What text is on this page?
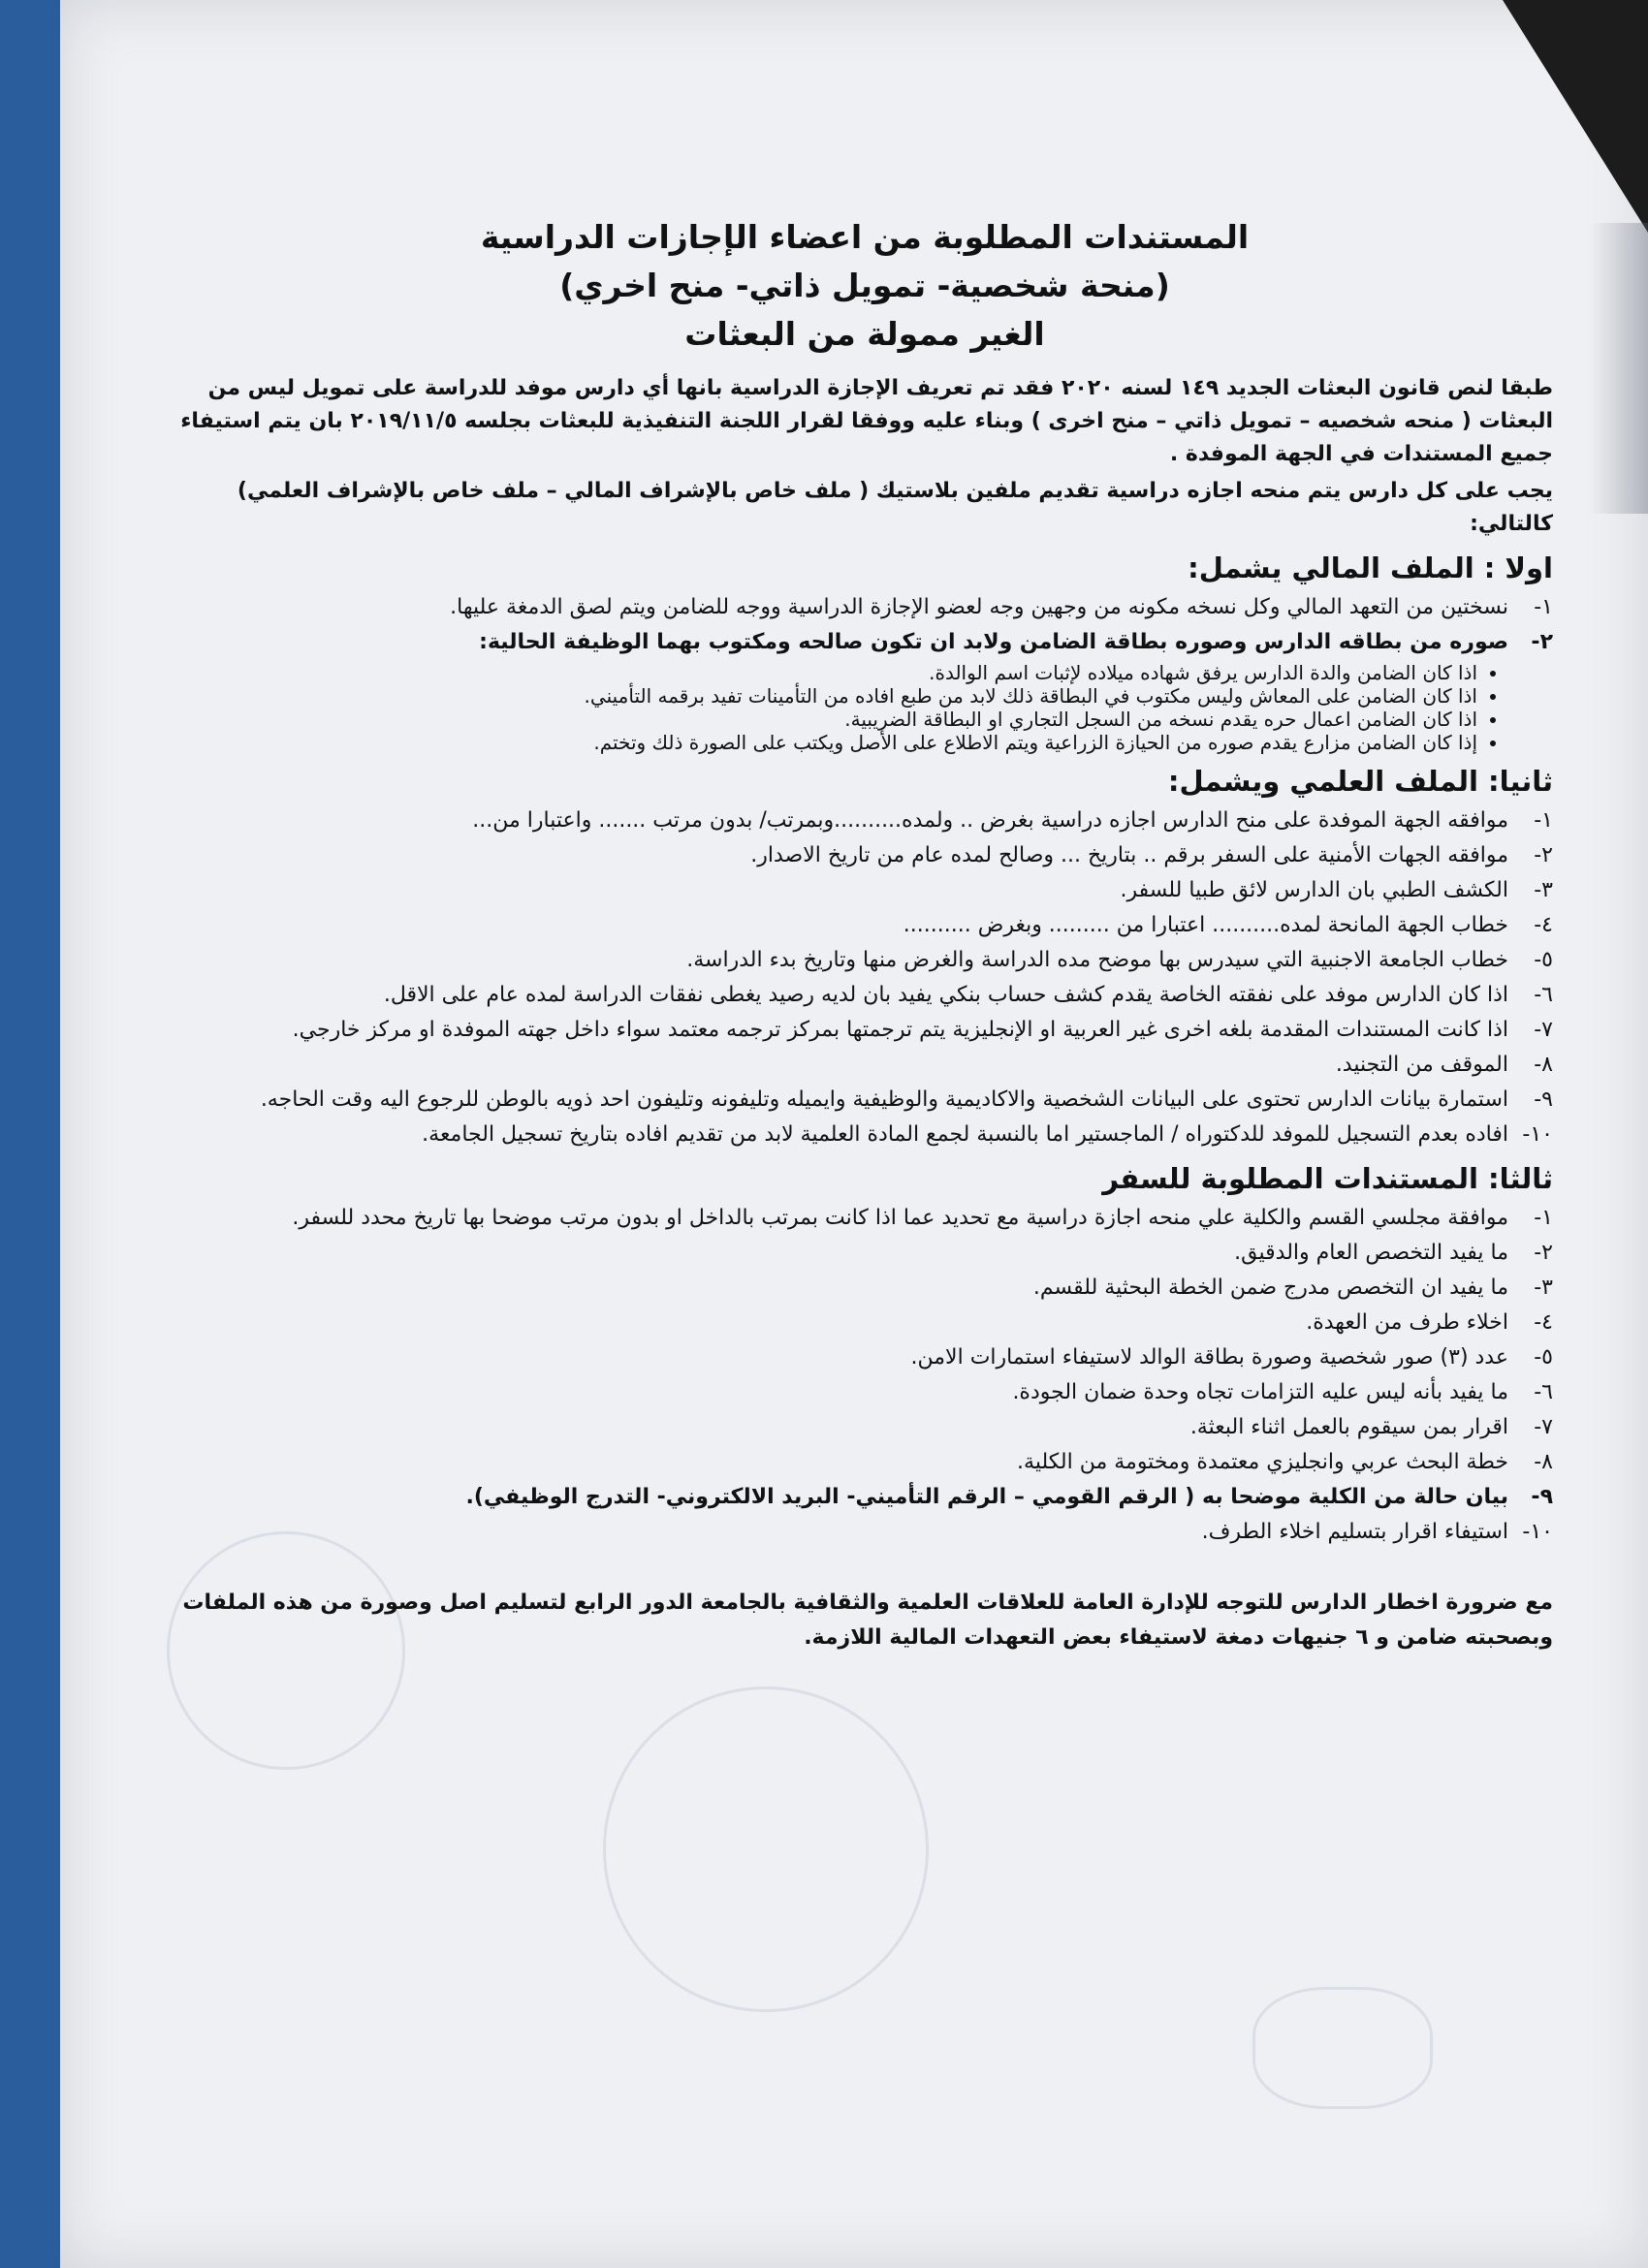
المستندات المطلوبة من اعضاء الإجازات الدراسية
(منحة شخصية- تمويل ذاتي- منح اخري)
الغير ممولة من البعثات

طبقا لنص قانون البعثات الجديد ١٤٩ لسنه ٢٠٢٠ فقد تم تعريف الإجازة الدراسية بانها أي دارس موفد للدراسة على تمويل ليس من البعثات ( منحه شخصيه – تمويل ذاتي – منح اخرى ) وبناء عليه ووفقا لقرار اللجنة التنفيذية للبعثات بجلسه ٢٠١٩/١١/٥ بان يتم استيفاء جميع المستندات في الجهة الموفدة .

يجب على كل دارس يتم منحه اجازه دراسية تقديم ملفين بلاستيك ( ملف خاص بالإشراف المالي – ملف خاص بالإشراف العلمي) كالتالي:

اولا : الملف المالي يشمل:
١-
نسختين من التعهد المالي وكل نسخه مكونه من وجهين وجه لعضو الإجازة الدراسية ووجه للضامن ويتم لصق الدمغة عليها.
٢-
صوره من بطاقه الدارس وصوره بطاقة الضامن ولابد ان تكون صالحه ومكتوب بهما الوظيفة الحالية:
• اذا كان الضامن والدة الدارس يرفق شهاده ميلاده لإثبات اسم الوالدة.
• اذا كان الضامن على المعاش وليس مكتوب في البطاقة ذلك لابد من طبع افاده من التأمينات تفيد برقمه التأميني.
• اذا كان الضامن اعمال حره يقدم نسخه من السجل التجاري او البطاقة الضريبية.
• إذا كان الضامن مزارع يقدم صوره من الحيازة الزراعية ويتم الاطلاع على الأصل ويكتب على الصورة ذلك وتختم.
ثانيا: الملف العلمي ويشمل:
١-
موافقه الجهة الموفدة على منح الدارس اجازه دراسية بغرض .. ولمده..........وبمرتب/ بدون مرتب ....... واعتبارا من...
٢-
موافقه الجهات الأمنية على السفر برقم .. بتاريخ ... وصالح لمده عام من تاريخ الاصدار.
٣-
الكشف الطبي بان الدارس لائق طبيا للسفر.
٤-
خطاب الجهة المانحة لمده.......... اعتبارا من ......... وبغرض ..........
٥-
خطاب الجامعة الاجنبية التي سيدرس بها موضح مده الدراسة والغرض منها وتاريخ بدء الدراسة.
٦-
اذا كان الدارس موفد على نفقته الخاصة يقدم كشف حساب بنكي يفيد بان لديه رصيد يغطى نفقات الدراسة لمده عام على الاقل.
٧-
اذا كانت المستندات المقدمة بلغه اخرى غير العربية او الإنجليزية يتم ترجمتها بمركز ترجمه معتمد سواء داخل جهته الموفدة او مركز خارجي.
٨-
الموقف من التجنيد.
٩-
استمارة بيانات الدارس تحتوى على البيانات الشخصية والاكاديمية والوظيفية وايميله وتليفونه وتليفون احد ذويه بالوطن للرجوع اليه وقت الحاجه.
١٠-
افاده بعدم التسجيل للموفد للدكتوراه / الماجستير اما بالنسبة لجمع المادة العلمية لابد من تقديم افاده بتاريخ تسجيل الجامعة.
ثالثا: المستندات المطلوبة للسفر
١-
موافقة مجلسي القسم والكلية علي منحه اجازة دراسية مع تحديد عما اذا كانت بمرتب بالداخل او بدون مرتب موضحا بها تاريخ محدد للسفر.
٢-
ما يفيد التخصص العام والدقيق.
٣-
ما يفيد ان التخصص مدرج ضمن الخطة البحثية للقسم.
٤-
اخلاء طرف من العهدة.
٥-
عدد (٣) صور شخصية وصورة بطاقة الوالد لاستيفاء استمارات الامن.
٦-
ما يفيد بأنه ليس عليه التزامات تجاه وحدة ضمان الجودة.
٧-
اقرار بمن سيقوم بالعمل اثناء البعثة.
٨-
خطة البحث عربي وانجليزي معتمدة ومختومة من الكلية.
٩-
بيان حالة من الكلية موضحا به ( الرقم القومي – الرقم التأميني- البريد الالكتروني- التدرج الوظيفي).
١٠-
استيفاء اقرار بتسليم اخلاء الطرف.

مع ضرورة اخطار الدارس للتوجه للإدارة العامة للعلاقات العلمية والثقافية بالجامعة الدور الرابع لتسليم اصل وصورة من هذه الملفات وبصحبته ضامن و ٦ جنيهات دمغة لاستيفاء بعض التعهدات المالية اللازمة.
